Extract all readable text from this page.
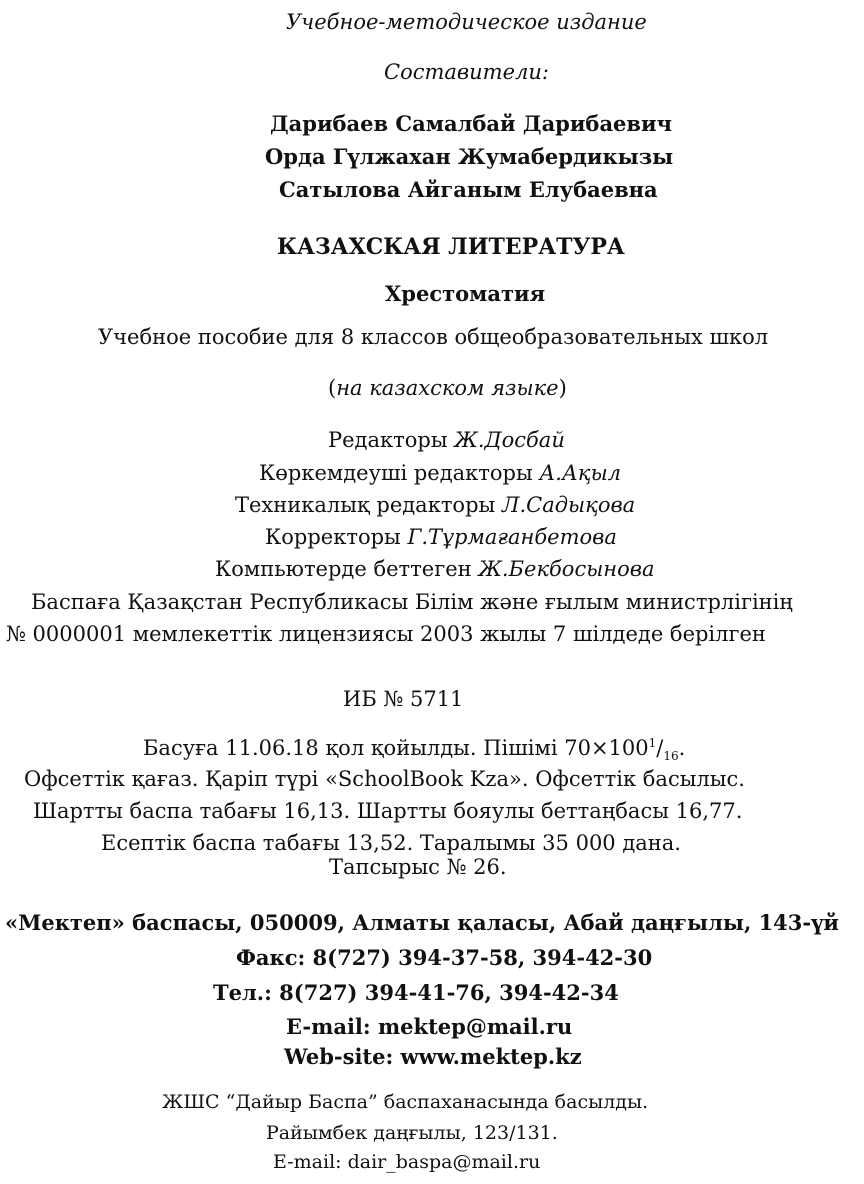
Учебное-методическое издание
Составители:
Дарибаев Самалбай Дарибаевич
Орда Гүлжахан Жумабердикызы
Сатылова Айганым Елубаевна
КАЗАХСКАЯ ЛИТЕРАТУРА
Хрестоматия
Учебное пособие для 8 классов общеобразовательных школ
(на казахском языке)
Редакторы Ж.Досбай
Көркемдеуші редакторы А.Ақыл
Техникалық редакторы Л.Садықова
Корректоры Г.Тұрмағанбетова
Компьютерде беттеген Ж.Бекбосынова
Баспаға Қазақстан Республикасы Білім және ғылым министрлігінің
№ 0000001 мемлекеттік лицензиясы 2003 жылы 7 шілдеде берілген
ИБ № 5711
Басуға 11.06.18 қол қойылды. Пішімі $70\times 100^1/_{16}$.
Офсеттік қағаз. Қаріп түрі «SchoolBook Kza». Офсеттік басылыс.
Шартты баспа табағы 16,13. Шартты бояулы беттаңбасы 16,77.
Есептік баспа табағы 13,52. Таралымы 35 000 дана.
Тапсырыс № 26.
«Мектеп» баспасы, 050009, Алматы қаласы, Абай даңғылы, 143-үй
Факс: 8(727) 394-37-58, 394-42-30
Тел.: 8(727) 394-41-76, 394-42-34
E-mail: mektep@mail.ru
Web-site: www.mektep.kz
ЖШС “Дайыр Баспа” баспаханасында басылды.
Райымбек даңғылы, 123/131.
E-mail: dair_baspa@mail.ru
